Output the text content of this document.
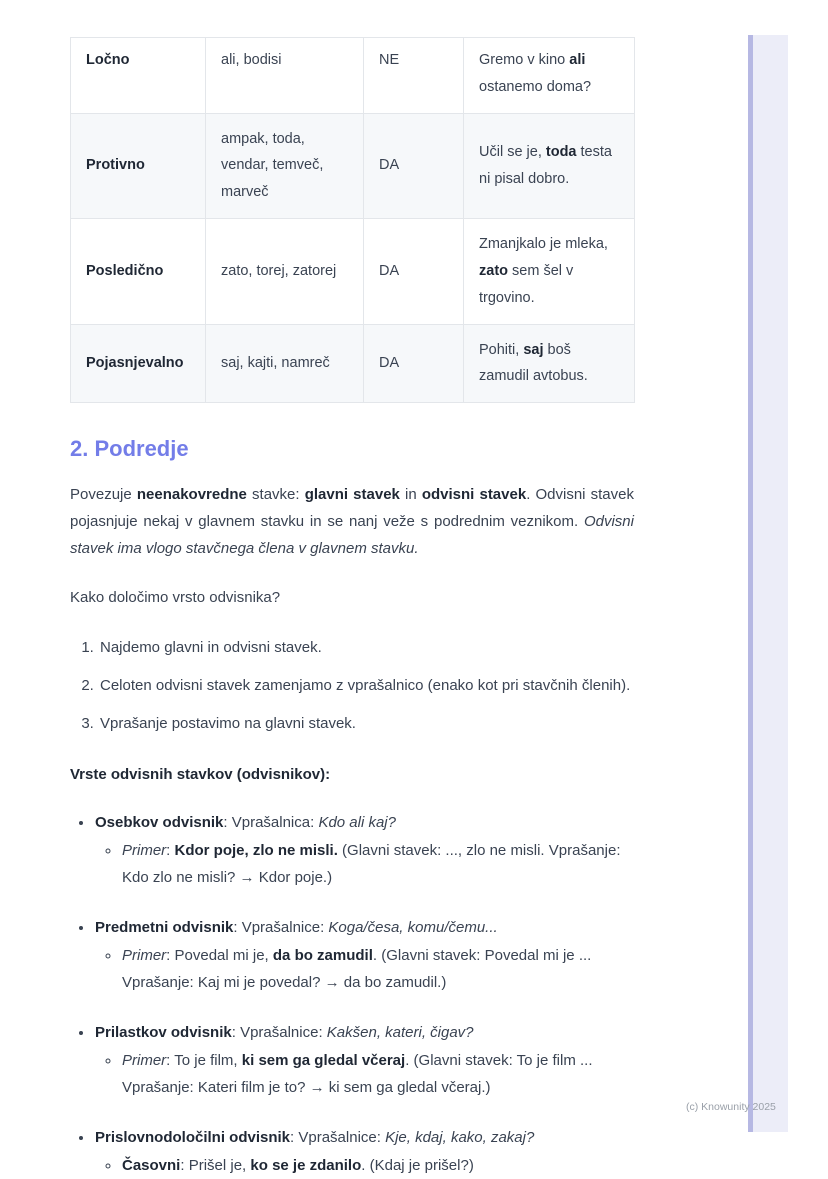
Ločno	ali, bodisi	NE	Gremo v kino ali ostanemo doma?
Protivno	ampak, toda, vendar, temveč, marveč	DA	Učil se je, toda testa ni pisal dobro.
Posledično	zato, torej, zatorej	DA	Zmanjkalo je mleka, zato sem šel v trgovino.
Pojasnjevalno	saj, kajti, namreč	DA	Pohiti, saj boš zamudil avtobus.
2. Podredje

Povezuje neenakovredne stavke: glavni stavek in odvisni stavek. Odvisni stavek pojasnjuje nekaj v glavnem stavku in se nanj veže s podrednim veznikom. Odvisni stavek ima vlogo stavčnega člena v glavnem stavku.

Kako določimo vrsto odvisnika?

1. Najdemo glavni in odvisni stavek.
2. Celoten odvisni stavek zamenjamo z vprašalnico (enako kot pri stavčnih členih).
3. Vprašanje postavimo na glavni stavek.

Vrste odvisnih stavkov (odvisnikov):

• Osebkov odvisnik: Vprašalnica: Kdo ali kaj?
◦ Primer: Kdor poje, zlo ne misli. (Glavni stavek: ..., zlo ne misli. Vprašanje: Kdo zlo ne misli? → Kdor poje.)
• Predmetni odvisnik: Vprašalnice: Koga/česa, komu/čemu...
◦ Primer: Povedal mi je, da bo zamudil. (Glavni stavek: Povedal mi je ... Vprašanje: Kaj mi je povedal? → da bo zamudil.)
• Prilastkov odvisnik: Vprašalnice: Kakšen, kateri, čigav?
◦ Primer: To je film, ki sem ga gledal včeraj. (Glavni stavek: To je film ... Vprašanje: Kateri film je to? → ki sem ga gledal včeraj.)
• Prislovnodoločilni odvisnik: Vprašalnice: Kje, kdaj, kako, zakaj?
◦ Časovni: Prišel je, ko se je zdanilo. (Kdaj je prišel?)
(c) Knowunity 2025
